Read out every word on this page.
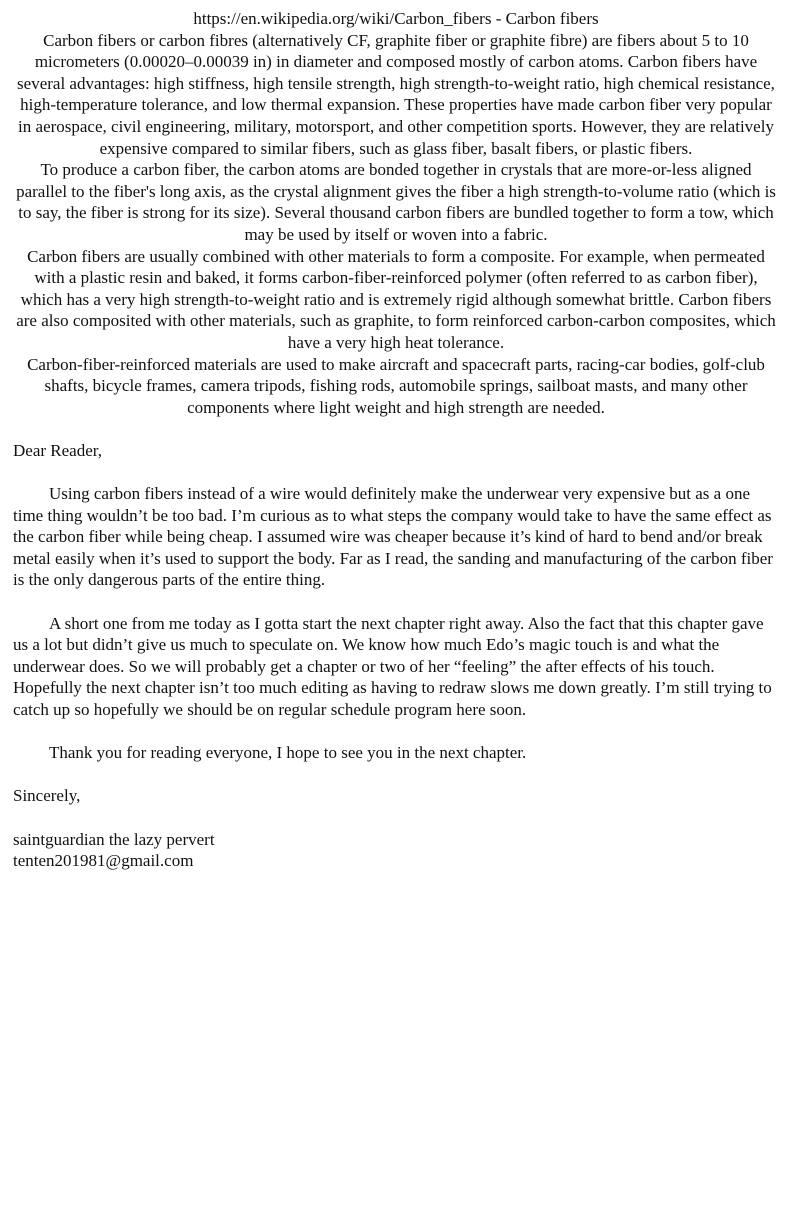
https://en.wikipedia.org/wiki/Carbon_fibers - Carbon fibers

Carbon fibers or carbon fibres (alternatively CF, graphite fiber or graphite fibre) are fibers about 5 to 10 micrometers (0.00020–0.00039 in) in diameter and composed mostly of carbon atoms. Carbon fibers have several advantages: high stiffness, high tensile strength, high strength-to-weight ratio, high chemical resistance, high-temperature tolerance, and low thermal expansion. These properties have made carbon fiber very popular in aerospace, civil engineering, military, motorsport, and other competition sports. However, they are relatively expensive compared to similar fibers, such as glass fiber, basalt fibers, or plastic fibers.

To produce a carbon fiber, the carbon atoms are bonded together in crystals that are more-or-less aligned parallel to the fiber's long axis, as the crystal alignment gives the fiber a high strength-to-volume ratio (which is to say, the fiber is strong for its size). Several thousand carbon fibers are bundled together to form a tow, which may be used by itself or woven into a fabric.

Carbon fibers are usually combined with other materials to form a composite. For example, when permeated with a plastic resin and baked, it forms carbon-fiber-reinforced polymer (often referred to as carbon fiber), which has a very high strength-to-weight ratio and is extremely rigid although somewhat brittle. Carbon fibers are also composited with other materials, such as graphite, to form reinforced carbon-carbon composites, which have a very high heat tolerance.

Carbon-fiber-reinforced materials are used to make aircraft and spacecraft parts, racing-car bodies, golf-club shafts, bicycle frames, camera tripods, fishing rods, automobile springs, sailboat masts, and many other components where light weight and high strength are needed.

Dear Reader,

Using carbon fibers instead of a wire would definitely make the underwear very expensive but as a one time thing wouldn’t be too bad. I’m curious as to what steps the company would take to have the same effect as the carbon fiber while being cheap. I assumed wire was cheaper because it’s kind of hard to bend and/or break metal easily when it’s used to support the body. Far as I read, the sanding and manufacturing of the carbon fiber is the only dangerous parts of the entire thing.

A short one from me today as I gotta start the next chapter right away. Also the fact that this chapter gave us a lot but didn’t give us much to speculate on. We know how much Edo’s magic touch is and what the underwear does. So we will probably get a chapter or two of her “feeling” the after effects of his touch. Hopefully the next chapter isn’t too much editing as having to redraw slows me down greatly. I’m still trying to catch up so hopefully we should be on regular schedule program here soon.

Thank you for reading everyone, I hope to see you in the next chapter.

Sincerely,

saintguardian the lazy pervert

tenten201981@gmail.com
